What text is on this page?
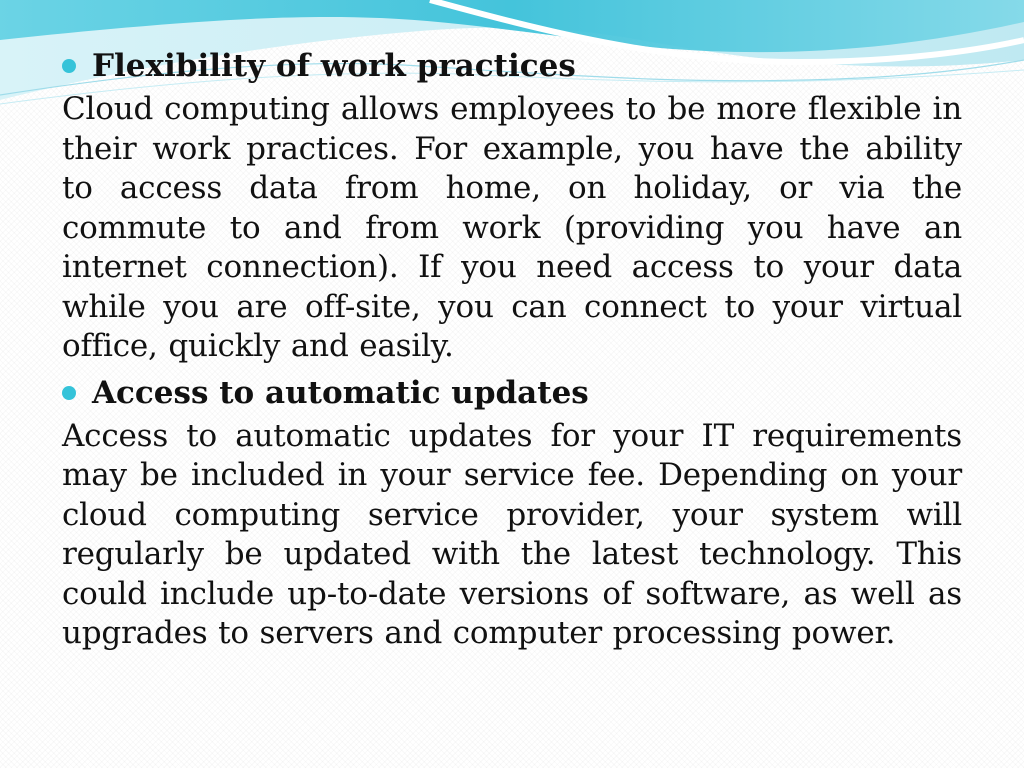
Flexibility of work practices

Cloud computing allows employees to be more flexible in their work practices. For example, you have the ability to access data from home, on holiday, or via the commute to and from work (providing you have an internet connection). If you need access to your data while you are off-site, you can connect to your virtual office, quickly and easily.

Access to automatic updates

Access to automatic updates for your IT requirements may be included in your service fee. Depending on your cloud computing service provider, your system will regularly be updated with the latest technology. This could include up-to-date versions of software, as well as upgrades to servers and computer processing power.
